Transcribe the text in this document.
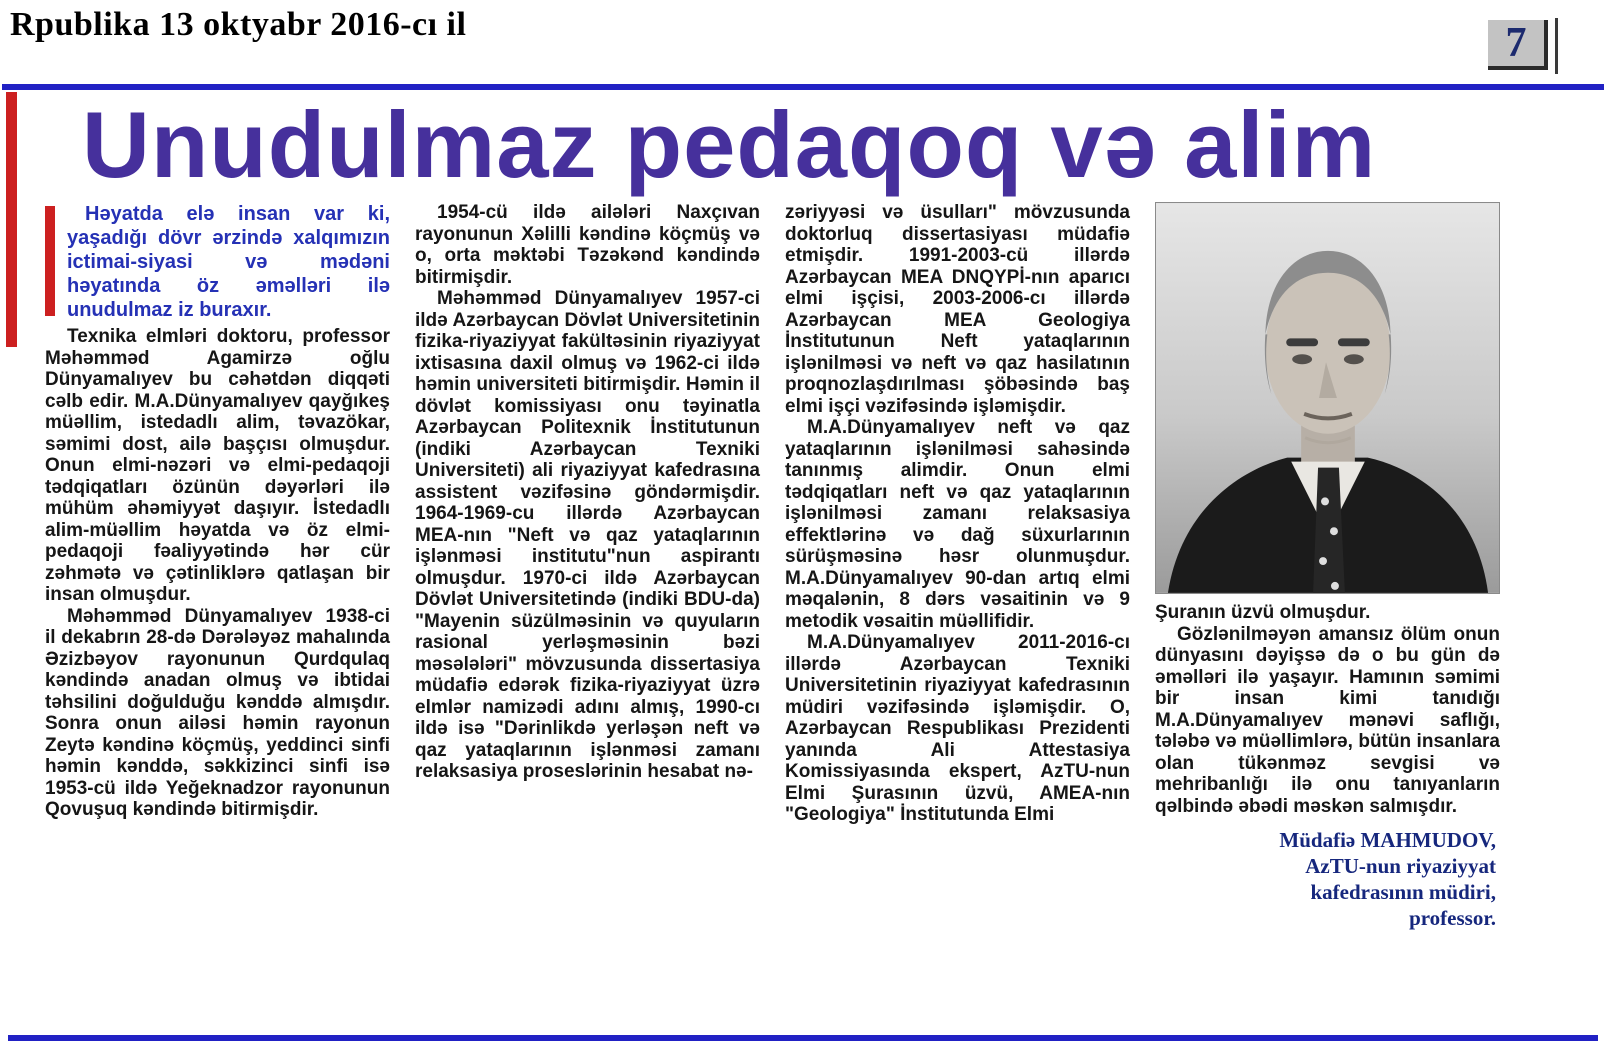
Rpublika 13 oktyabr 2016-cı il	7
Unudulmaz pedaqoq və alim

Həyatda elə insan var ki, yaşadığı dövr ərzində xalqımızın ictimai-siyasi və mədəni həyatında öz əməlləri ilə unudulmaz iz buraxır.

Texnika elmləri doktoru, professor Məhəmməd Agamirzə oğlu Dünyamalıyev bu cəhətdən diqqəti cəlb edir. M.A.Dünyamalıyev qayğıkeş müəllim, istedadlı alim, təvazökar, səmimi dost, ailə başçısı olmuşdur. Onun elmi-nəzəri və elmi-pedaqoji tədqiqatları özünün dəyərləri ilə mühüm əhəmiyyət daşıyır. İstedadlı alim-müəllim həyatda və öz elmi-pedaqoji fəaliyyətində hər cür zəhmətə və çətinliklərə qatlaşan bir insan olmuşdur.

Məhəmməd Dünyamalıyev 1938-ci il dekabrın 28-də Dərələyəz mahalında Əzizbəyov rayonunun Qurdqulaq kəndində anadan olmuş və ibtidai təhsilini doğulduğu kənddə almışdır. Sonra onun ailəsi həmin rayonun Zeytə kəndinə köçmüş, yeddinci sinfi həmin kənddə, səkkizinci sinfi isə 1953-cü ildə Yeğeknadzor rayonunun Qovuşuq kəndində bitirmişdir.

1954-cü ildə ailələri Naxçıvan rayonunun Xəlilli kəndinə köçmüş və o, orta məktəbi Təzəkənd kəndində bitirmişdir.

Məhəmməd Dünyamalıyev 1957-ci ildə Azərbaycan Dövlət Universitetinin fizika-riyaziyyat fakültəsinin riyaziyyat ixtisasına daxil olmuş və 1962-ci ildə həmin universiteti bitirmişdir. Həmin il dövlət komissiyası onu təyinatla Azərbaycan Politexnik İnstitutunun (indiki Azərbaycan Texniki Universiteti) ali riyaziyyat kafedrasına assistent vəzifəsinə göndərmişdir. 1964-1969-cu illərdə Azərbaycan MEA-nın "Neft və qaz yataqlarının işlənməsi institutu"nun aspirantı olmuşdur. 1970-ci ildə Azərbaycan Dövlət Universitetində (indiki BDU-da) "Mayenin süzülməsinin və quyuların rasional yerləşməsinin bəzi məsələləri" mövzusunda dissertasiya müdafiə edərək fizika-riyaziyyat üzrə elmlər namizədi adını almış, 1990-cı ildə isə "Dərinlikdə yerləşən neft və qaz yataqlarının işlənməsi zamanı relaksasiya proseslərinin hesabat nə-

zəriyyəsi və üsulları" mövzusunda doktorluq dissertasiyası müdafiə etmişdir. 1991-2003-cü illərdə Azərbaycan MEA DNQYPİ-nın aparıcı elmi işçisi, 2003-2006-cı illərdə Azərbaycan MEA Geologiya İnstitutunun Neft yataqlarının işlənilməsi və neft və qaz hasilatının proqnozlaşdırılması şöbəsində baş elmi işçi vəzifəsində işləmişdir.

M.A.Dünyamalıyev neft və qaz yataqlarının işlənilməsi sahəsində tanınmış alimdir. Onun elmi tədqiqatları neft və qaz yataqlarının işlənilməsi zamanı relaksasiya effektlərinə və dağ süxurlarının sürüşməsinə həsr olunmuşdur. M.A.Dünyamalıyev 90-dan artıq elmi məqalənin, 8 dərs vəsaitinin və 9 metodik vəsaitin müəllifidir.

M.A.Dünyamalıyev 2011-2016-cı illərdə Azərbaycan Texniki Universitetinin riyaziyyat kafedrasının müdiri vəzifəsində işləmişdir. O, Azərbaycan Respublikası Prezidenti yanında Ali Attestasiya Komissiyasında ekspert, AzTU-nun Elmi Şurasının üzvü, AMEA-nın "Geologiya" İnstitutunda Elmi

Şuranın üzvü olmuşdur.

Gözlənilməyən amansız ölüm onun dünyasını dəyişsə də o bu gün də əməlləri ilə yaşayır. Hamının səmimi bir insan kimi tanıdığı M.A.Dünyamalıyev mənəvi saflığı, tələbə və müəllimlərə, bütün insanlara olan tükənməz sevgisi və mehribanlığı ilə onu tanıyanların qəlbində əbədi məskən salmışdır.

Müdafiə MAHMUDOV,
AzTU-nun riyaziyyat
kafedrasının müdiri,
professor.
